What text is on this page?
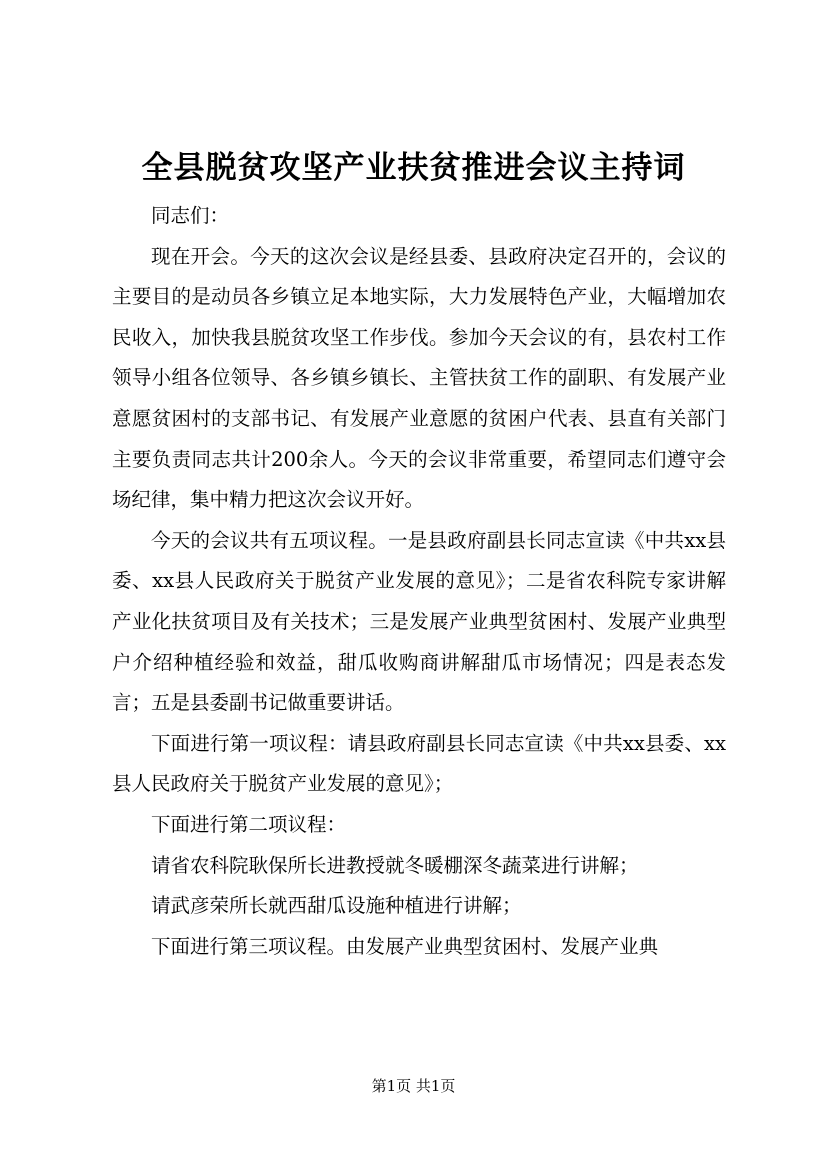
全县脱贫攻坚产业扶贫推进会议主持词

同志们：

现在开会。今天的这次会议是经县委、县政府决定召开的，会议的主要目的是动员各乡镇立足本地实际，大力发展特色产业，大幅增加农民收入，加快我县脱贫攻坚工作步伐。参加今天会议的有，县农村工作领导小组各位领导、各乡镇乡镇长、主管扶贫工作的副职、有发展产业意愿贫困村的支部书记、有发展产业意愿的贫困户代表、县直有关部门主要负责同志共计200余人。今天的会议非常重要，希望同志们遵守会场纪律，集中精力把这次会议开好。

今天的会议共有五项议程。一是县政府副县长同志宣读《中共xx县委、xx县人民政府关于脱贫产业发展的意见》；二是省农科院专家讲解产业化扶贫项目及有关技术；三是发展产业典型贫困村、发展产业典型户介绍种植经验和效益，甜瓜收购商讲解甜瓜市场情况；四是表态发言；五是县委副书记做重要讲话。

下面进行第一项议程：请县政府副县长同志宣读《中共xx县委、xx县人民政府关于脱贫产业发展的意见》；

下面进行第二项议程：

请省农科院耿保所长进教授就冬暖棚深冬蔬菜进行讲解；

请武彦荣所长就西甜瓜设施种植进行讲解；

下面进行第三项议程。由发展产业典型贫困村、发展产业典

第1页 共1页
